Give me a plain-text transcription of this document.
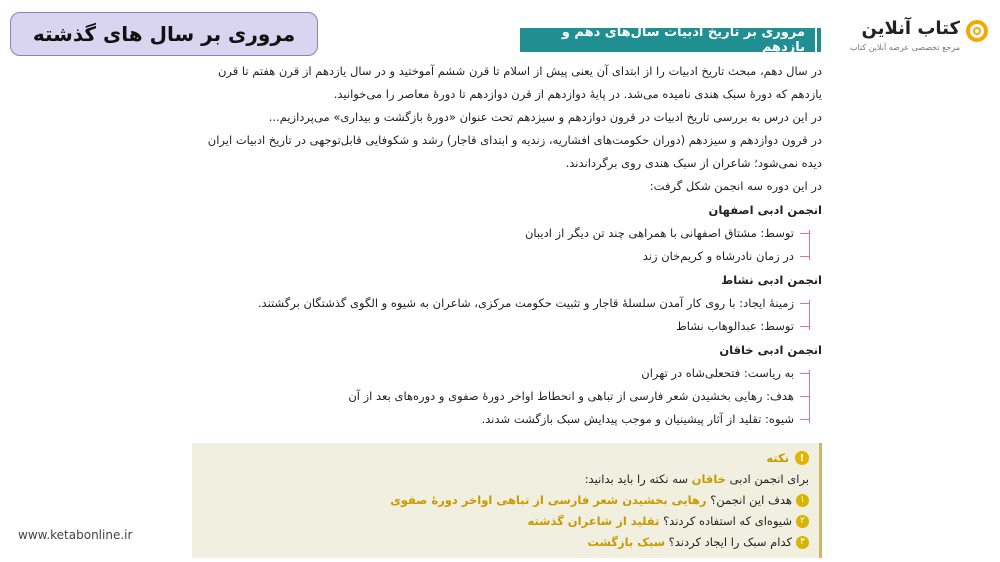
مروری بر سال های گذشته	کتاب آنلاین
مرجع تخصصی عرضه آنلاین کتاب
مروری بر تاریخ ادبیات سال‌های دهم و یازدهم

در سال دهم، مبحث تاریخ ادبیات را از ابتدای آن یعنی پیش از اسلام تا قرن ششم آموختید و در سال یازدهم از قرن هفتم تا قرن یازدهم که دورۀ سبک هندی نامیده می‌شد. در پایۀ دوازدهم از قرن دوازدهم تا دورۀ معاصر را می‌خوانید.

در این درس به بررسی تاریخ ادبیات در قرون دوازدهم و سیزدهم تحت عنوان «دورۀ بازگشت و بیداری» می‌پردازیم...

در قرون دوازدهم و سیزدهم (دوران حکومت‌های افشاریه، زندیه و ابتدای قاجار) رشد و شکوفایی قابل‌توجهی در تاریخ ادبیات ایران دیده نمی‌شود؛ شاعران از سبک هندی روی برگرداندند.

در این دوره سه انجمن شکل گرفت:

انجمن ادبی اصفهان
توسط: مشتاق اصفهانی با همراهی چند تن دیگر از ادیبان
در زمان نادرشاه و کریم‌خان زند
انجمن ادبی نشاط
زمینۀ ایجاد: با روی کار آمدن سلسلۀ قاجار و تثبیت حکومت مرکزی، شاعران به شیوه و الگوی گذشتگان برگشتند.
توسط: عبدالوهاب نشاط
انجمن ادبی خاقان
به ریاست: فتحعلی‌شاه در تهران
هدف: رهایی بخشیدن شعر فارسی از تباهی و انحطاط اواخر دورۀ صفوی و دوره‌های بعد از آن
شیوه: تقلید از آثار پیشینیان و موجب پیدایش سبک بازگشت شدند.
!
نکته
برای انجمن ادبی خاقان سه نکته را باید بدانید:
۱هدف این انجمن؟ رهایی بخشیدن شعر فارسی از تباهی اواخر دورۀ صفوی
۲شیوه‌ای که استفاده کردند؟ تقلید از شاعران گذشته
۳کدام سبک را ایجاد کردند؟ سبک بازگشت
www.ketabonline.ir
